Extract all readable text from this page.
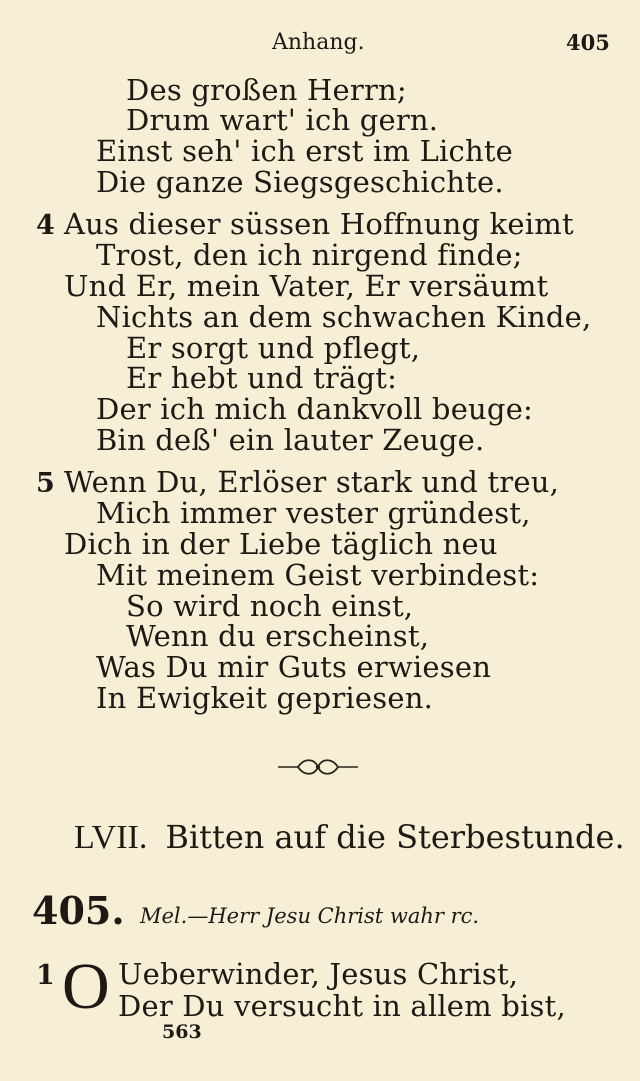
Anhang.	405
Des großen Herrn;
Drum wart' ich gern.
Einst seh' ich erst im Lichte
Die ganze Siegsgeschichte.
4 Aus dieser süssen Hoffnung keimt
Trost, den ich nirgend finde;
Und Er, mein Vater, Er versäumt
Nichts an dem schwachen Kinde,
Er sorgt und pflegt,
Er hebt und trägt:
Der ich mich dankvoll beuge:
Bin deß' ein lauter Zeuge.
5 Wenn Du, Erlöser stark und treu,
Mich immer vester gründest,
Dich in der Liebe täglich neu
Mit meinem Geist verbindest:
So wird noch einst,
Wenn du erscheinst,
Was Du mir Guts erwiesen
In Ewigkeit gepriesen.
LVII. Bitten auf die Sterbestunde.
405. Mel.—Herr Jesu Christ wahr rc.
1 O Ueberwinder, Jesus Christ,
Der Du versucht in allem bist,
563
